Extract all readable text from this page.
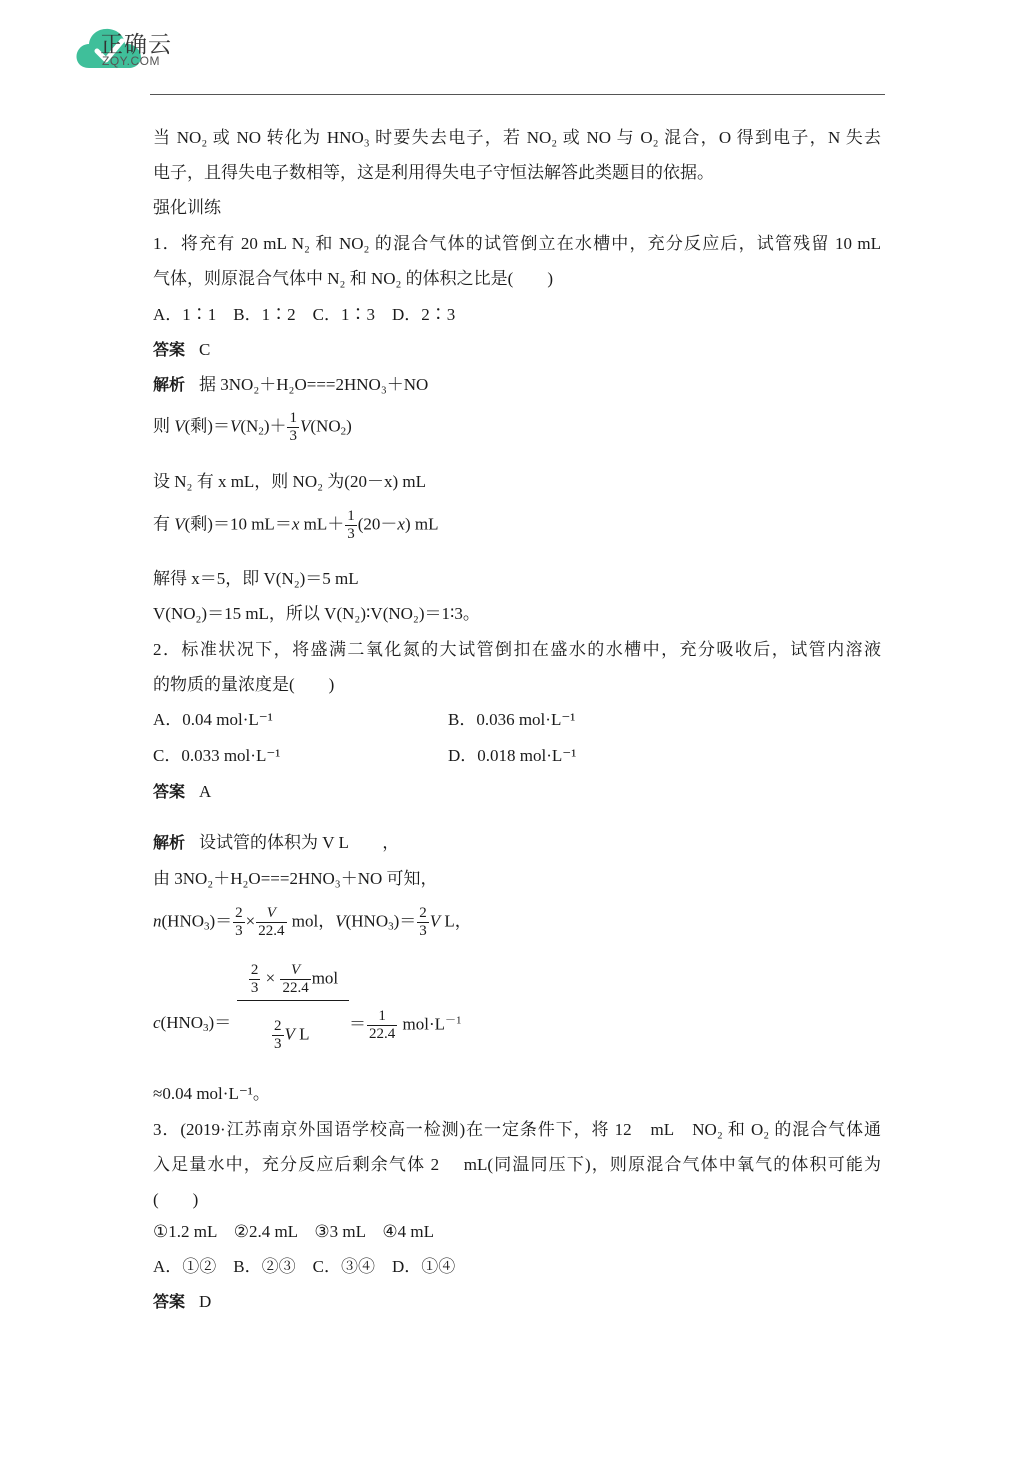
正确云
ZQY.COM
当 NO₂ 或 NO 转化为 HNO₃ 时要失去电子，若 NO₂ 或 NO 与 O₂ 混合，O 得到电子，N 失去
电子，且得失电子数相等，这是利用得失电子守恒法解答此类题目的依据。
强化训练
1．将充有 20 mL N₂ 和 NO₂ 的混合气体的试管倒立在水槽中，充分反应后，试管残留 10 mL
气体，则原混合气体中 N₂ 和 NO₂ 的体积之比是(　　)
A．1∶1　B．1∶2　C．1∶3　D．2∶3
答案 C
解析 据 3NO₂＋H₂O===2HNO₃＋NO
则 V(剩)$=V(N_2)+ \frac{1}{3} V(NO_2)$
设 N₂ 有 x mL，则 NO₂ 为(20－x) mL
有 V(剩)＝10 mL＝x $mL+ \frac{1}{3} (20-x)$ mL
解得 x＝5，即 V(N₂)＝5 mL
V(NO₂)＝15 mL，所以 V(N₂)∶V(NO₂)＝1∶3。
2．标准状况下，将盛满二氧化氮的大试管倒扣在盛水的水槽中，充分吸收后，试管内溶液
的物质的量浓度是(　　)
A．0.04 mol·L⁻¹	B．0.036 mol·L⁻¹
C．0.033 mol·L⁻¹	D．0.018 mol·L⁻¹
答案 A
解析 设试管的体积为 V L　　，
由 3NO₂＋H₂O===2HNO₃＋NO 可知，
$n(HNO_3)= \frac{2}{3} \times \frac{V}{22.4}$ mol，$V(HNO_3)= \frac{2}{3}$ V L，
$c(HNO_3)=$
$\frac{2}{3} \times \frac{V}{22.4}$ mol
$\frac{2}{3}$ V L
＝ $\frac{1}{22.4} mol\cdot L^{-1}$
≈0.04 mol·L⁻¹。
3．(2019·江苏南京外国语学校高一检测)在一定条件下，将 12　mL　NO₂ 和 O₂ 的混合气体通
入足量水中，充分反应后剩余气体 2　 mL(同温同压下)，则原混合气体中氧气的体积可能为
(　　)
①1.2 mL　②2.4 mL　③3 mL　④4 mL
A．①②　B．②③　C．③④　D．①④
答案 D
